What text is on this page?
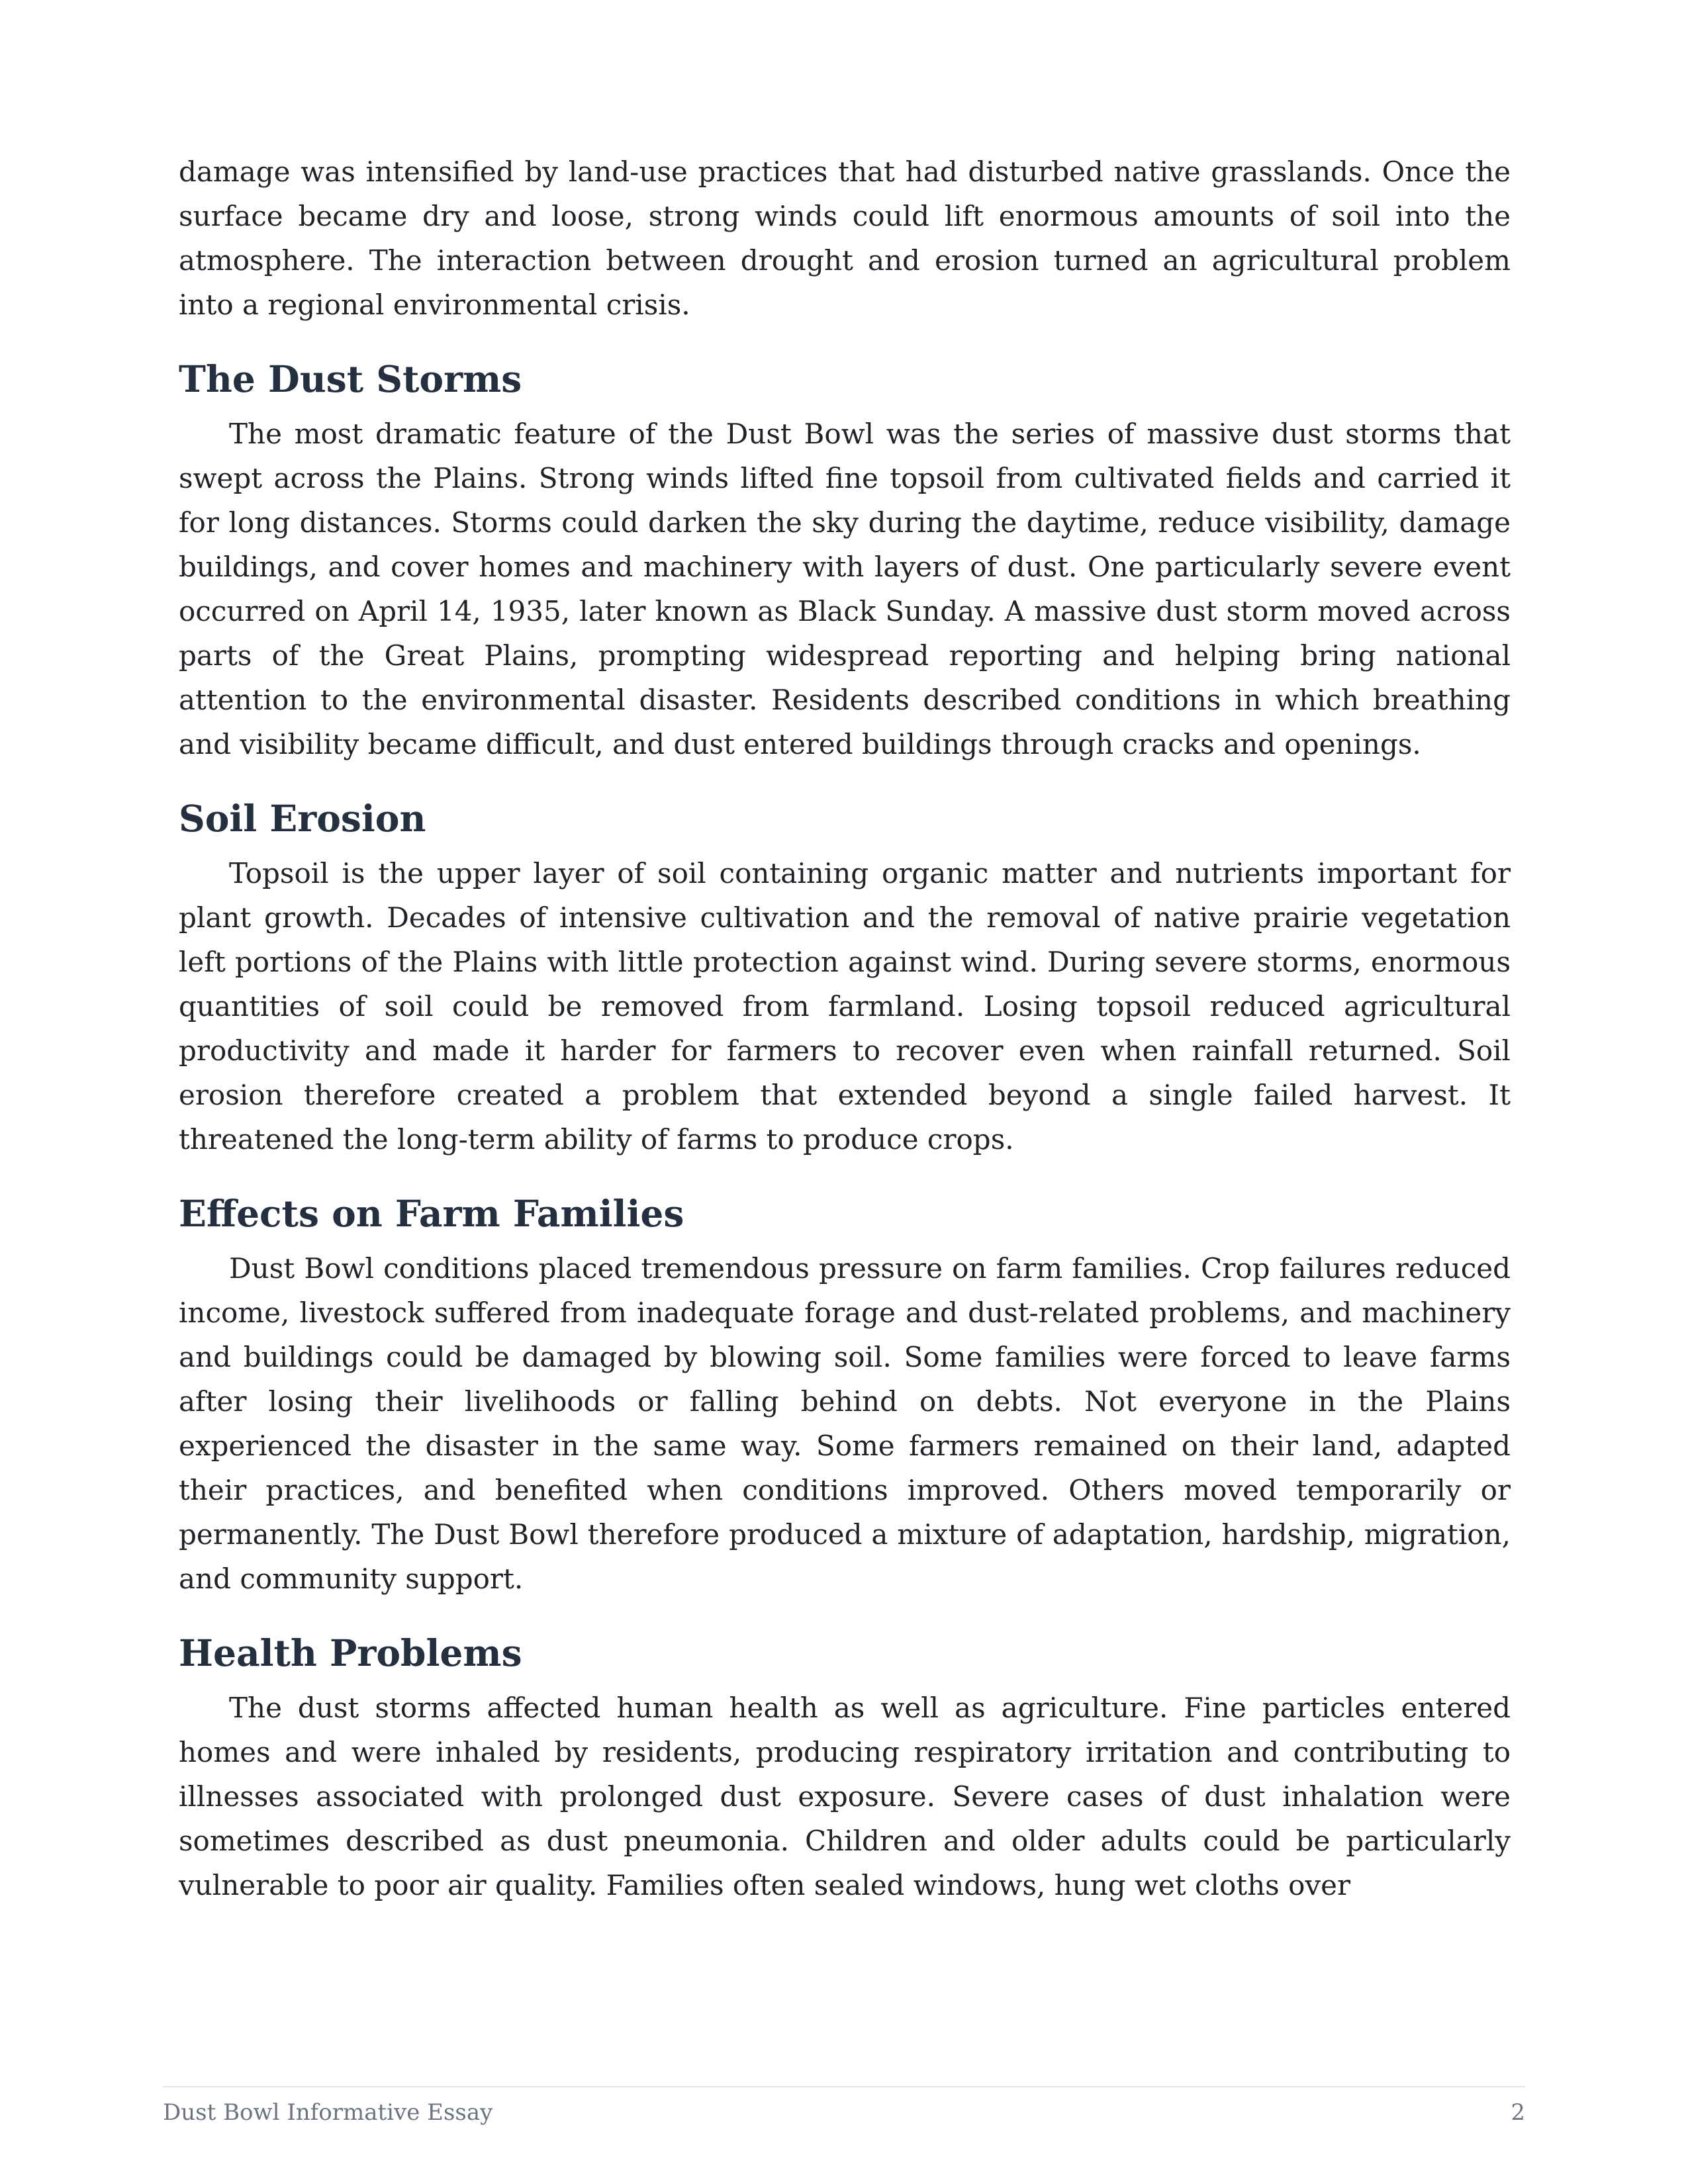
damage was intensified by land-use practices that had disturbed native grasslands. Once the surface became dry and loose, strong winds could lift enormous amounts of soil into the atmosphere. The interaction between drought and erosion turned an agricultural problem into a regional environmental crisis.

The Dust Storms

The most dramatic feature of the Dust Bowl was the series of massive dust storms that swept across the Plains. Strong winds lifted fine topsoil from cultivated fields and carried it for long distances. Storms could darken the sky during the daytime, reduce visibility, damage buildings, and cover homes and machinery with layers of dust. One particularly severe event occurred on April 14, 1935, later known as Black Sunday. A massive dust storm moved across parts of the Great Plains, prompting widespread reporting and helping bring national attention to the environmental disaster. Residents described conditions in which breathing and visibility became difficult, and dust entered buildings through cracks and openings.

Soil Erosion

Topsoil is the upper layer of soil containing organic matter and nutrients important for plant growth. Decades of intensive cultivation and the removal of native prairie vegetation left portions of the Plains with little protection against wind. During severe storms, enormous quantities of soil could be removed from farmland. Losing topsoil reduced agricultural productivity and made it harder for farmers to recover even when rainfall returned. Soil erosion therefore created a problem that extended beyond a single failed harvest. It threatened the long-term ability of farms to produce crops.

Effects on Farm Families

Dust Bowl conditions placed tremendous pressure on farm families. Crop failures reduced income, livestock suffered from inadequate forage and dust-related problems, and machinery and buildings could be damaged by blowing soil. Some families were forced to leave farms after losing their livelihoods or falling behind on debts. Not everyone in the Plains experienced the disaster in the same way. Some farmers remained on their land, adapted their practices, and benefited when conditions improved. Others moved temporarily or permanently. The Dust Bowl therefore produced a mixture of adaptation, hardship, migration, and community support.

Health Problems

The dust storms affected human health as well as agriculture. Fine particles entered homes and were inhaled by residents, producing respiratory irritation and contributing to illnesses associated with prolonged dust exposure. Severe cases of dust inhalation were sometimes described as dust pneumonia. Children and older adults could be particularly vulnerable to poor air quality. Families often sealed windows, hung wet cloths over

Dust Bowl Informative Essay	2
